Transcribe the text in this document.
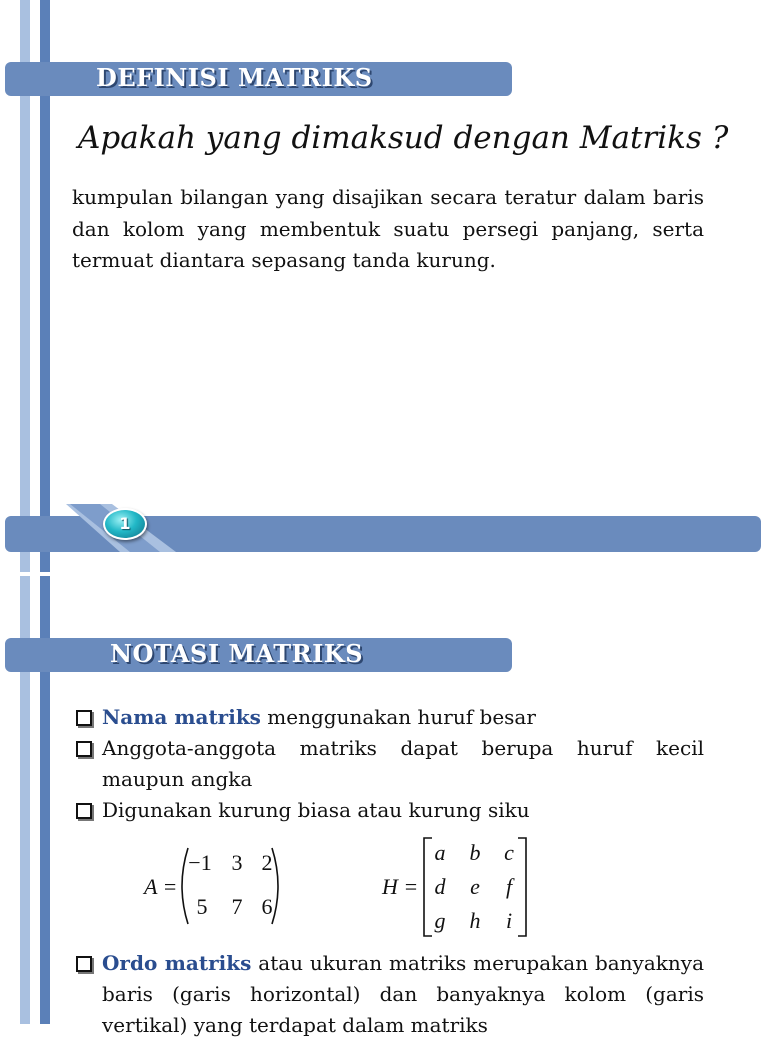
DEFINISI MATRIKS
Apakah yang dimaksud dengan Matriks ?
kumpulan bilangan yang disajikan secara teratur dalam baris dan kolom yang membentuk suatu persegi panjang, serta termuat diantara sepasang tanda kurung.
1
NOTASI MATRIKS
Nama matriks menggunakan huruf besar
Anggota-anggota matriks dapat berupa huruf kecil maupun angka
Digunakan kurung biasa atau kurung siku
A =
−1 3 2
5	7 6
H =
a	b	c
d	e	f
g	h	i
Ordo matriks atau ukuran matriks merupakan banyaknya baris (garis horizontal) dan banyaknya kolom (garis vertikal) yang terdapat dalam matriks
